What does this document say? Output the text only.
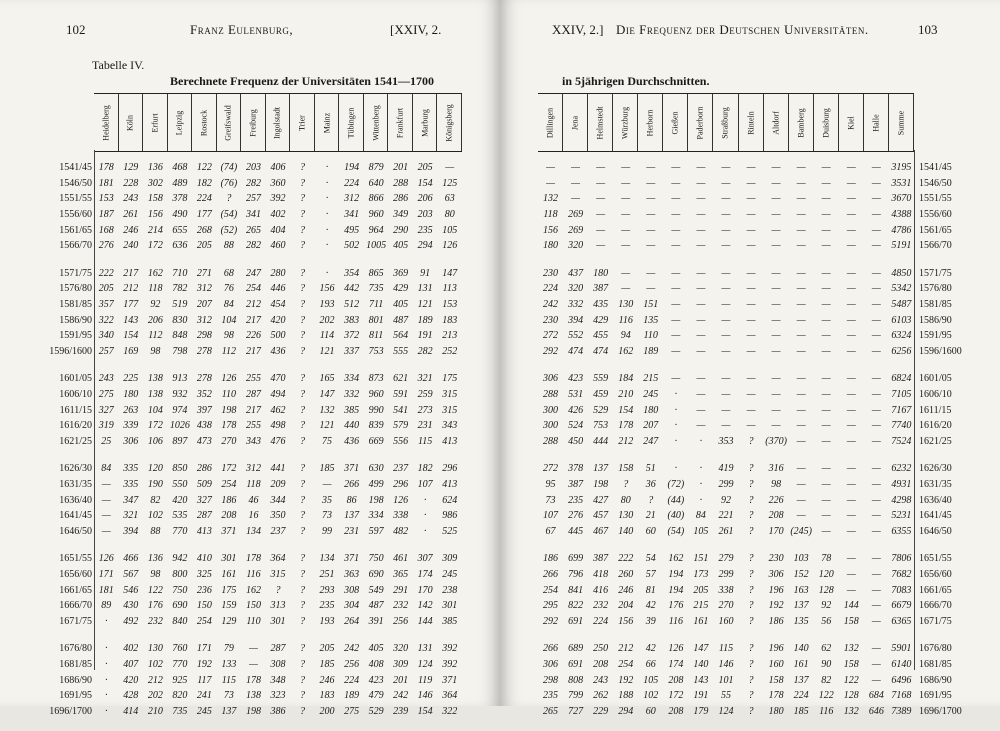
102	Franz Eulenburg,	[XXIV, 2.
Tabelle IV.
Berechnete Frequenz der Universitäten 1541—1700
Heidelberg Köln Erfurt Leipzig Rostock Greifswald Freiburg Ingolstadt Trier Mainz Tübingen Wittenberg Frankfurt Marburg Königsberg
1541/45 178 129 136 468 122 (74) 203 406	?	·	194 879 201 205	—
1546/50 181 228 302 489 182 (76) 282 360	?	·	224 640 288 154 125
1551/55 153 243 158 378 224	?	257 392	?	·	312 866 286 206	63
1556/60 187 261 156 490 177 (54) 341 402	?	·	341 960 349 203	80
1561/65 168 246 214 655 268 (52) 265 404	?	·	495 964 290 235 105
1566/70 276 240 172 636 205	88	282 460	?	·	502 1005 405 294 126
1571/75 222 217 162 710 271	68	247 280	?	·	354 865 369	91	147
1576/80 205 212 118 782 312	76	254 446	?	156 442 735 429 131 113
1581/85 357 177	92	519 207	84	212 454	?	193 512 711 405 121 153
1586/90 322 143 206 830 312 104 217 420	?	202 383 801 487 189 183
1591/95 340 154 112 848 298	98	226 500	?	114 372 811 564 191 213
1596/1600 257 169	98	798 278 112 217 436	?	121 337 753 555 282 252
1601/05 243 225 138 913 278 126 255 470	?	165 334 873 621 321 175
1606/10 275 180 138 932 352 110 287 494	?	147 332 960 591 259 315
1611/15 327 263 104 974 397 198 217 462	?	132 385 990 541 273 315
1616/20 319 339 172 1026 438 178 255 498	?	121 440 839 579 231 343
1621/25 25	306 106 897 473 270 343 476	?	75	436 669 556 115 413
1626/30 84	335 120 850 286 172 312 441	?	185 371 630 237 182 296
1631/35 —	335 190 550 509 254 118 209	?	—	266 499 296 107 413
1636/40 —	347	82	420 327 186	46	344	?	35	86	198 126	·	624
1641/45 —	321 102 535 287 208	16	350	?	73	137 334 338	·	986
1646/50 —	394	88	770 413 371 134 237	?	99	231 597 482	·	525
1651/55 126 466 136 942 410 301 178 364	?	134 371 750 461 307 309
1656/60 171 567	98	800 325 161 116 315	?	251 363 690 365 174 245
1661/65 181 546 122 750 236 175 162	?	?	293 308 549 291 170 238
1666/70 89	430 176 690 150 159 150 313	?	235 304 487 232 142 301
1671/75	·	492 232 840 254 129 110 301	?	193 264 391 256 144 385
1676/80	·	402 130 760 171	79	—	287	?	205 242 405 320 131 392
1681/85	·	407 102 770 192 133	—	308	?	185 256 408 309 124 392
1686/90	·	420 212 925 117	115 178 348	?	246 224 423 201 119 371
1691/95	·	428 202 820 241	73	138 323	?	183 189 479 242 146 364
1696/1700	·	414 210 735 245 137 198 386	?	200 275 529 239 154 322
XXIV, 2.] Die Frequenz der Deutschen Universitäten.	103
in 5jährigen Durchschnitten.
Dillingen Jena Helmstedt Würzburg Herborn Gießen Paderborn Straßburg Rinteln Altdorf Bamberg Duisburg Kiel Halle Summe
—	—	—	—	—	—	—	—	—	—	—	—	—	—	3195 1541/45
—	—	—	—	—	—	—	—	—	—	—	—	—	—	3531 1546/50
132	—	—	—	—	—	—	—	—	—	—	—	—	—	3670 1551/55
118	269	—	—	—	—	—	—	—	—	—	—	—	—	4388 1556/60
156	269	—	—	—	—	—	—	—	—	—	—	—	—	4786 1561/65
180	320	—	—	—	—	—	—	—	—	—	—	—	—	5191 1566/70
230	437	180	—	—	—	—	—	—	—	—	—	—	—	4850 1571/75
224	320	387	—	—	—	—	—	—	—	—	—	—	—	5342 1576/80
242	332	435	130	151	—	—	—	—	—	—	—	—	—	5487 1581/85
230	394	429	116	135	—	—	—	—	—	—	—	—	—	6103 1586/90
272	552	455	94	110	—	—	—	—	—	—	—	—	—	6324 1591/95
292	474	474	162	189	—	—	—	—	—	—	—	—	—	6256 1596/1600
306	423	559	184	215	—	—	—	—	—	—	—	—	—	6824 1601/05
288	531	459	210	245	·	—	—	—	—	—	—	—	—	7105 1606/10
300	426	529	154	180	·	—	—	—	—	—	—	—	—	7167 1611/15
300	524	753	178	207	·	—	—	—	—	—	—	—	—	7740 1616/20
288	450	444	212	247	·	·	353	?	(370) —	—	—	—	7524 1621/25
272	378	137	158	51	·	·	419	?	316	—	—	—	—	6232 1626/30
95	387	198	?	36	(72)	·	299	?	98	—	—	—	—	4931 1631/35
73	235	427	80	?	(44)	·	92	?	226	—	—	—	—	4298 1636/40
107	276	457	130	21	(40)	84	221	?	208	—	—	—	—	5231 1641/45
67	445	467	140	60	(54) 105	261	?	170 (245) —	—	—	6355 1646/50
186	699	387	222	54	162	151	279	?	230	103	78	—	—	7806 1651/55
266	796	418	260	57	194	173	299	?	306	152	120	—	—	7682 1656/60
254	841	416	246	81	194	205	338	?	196	163	128	—	—	7083 1661/65
295	822	232	204	42	176	215	270	?	192	137	92	144	—	6679 1666/70
292	691	224	156	39	116	161	160	?	186	135	56	158	—	6365 1671/75
266	689	250	212	42	126	147	115	?	196	140	62	132	—	5901 1676/80
306	691	208	254	66	174	140	146	?	160	161	90	158	—	6140 1681/85
298	808	243	192	105	208	143	101	?	158	137	82	122	—	6496 1686/90
235	799	262	188	102	172	191	55	?	178	224	122	128	684 7168 1691/95
265	727	229	294	60	208	179	124	?	180	185	116	132	646 7389 1696/1700
